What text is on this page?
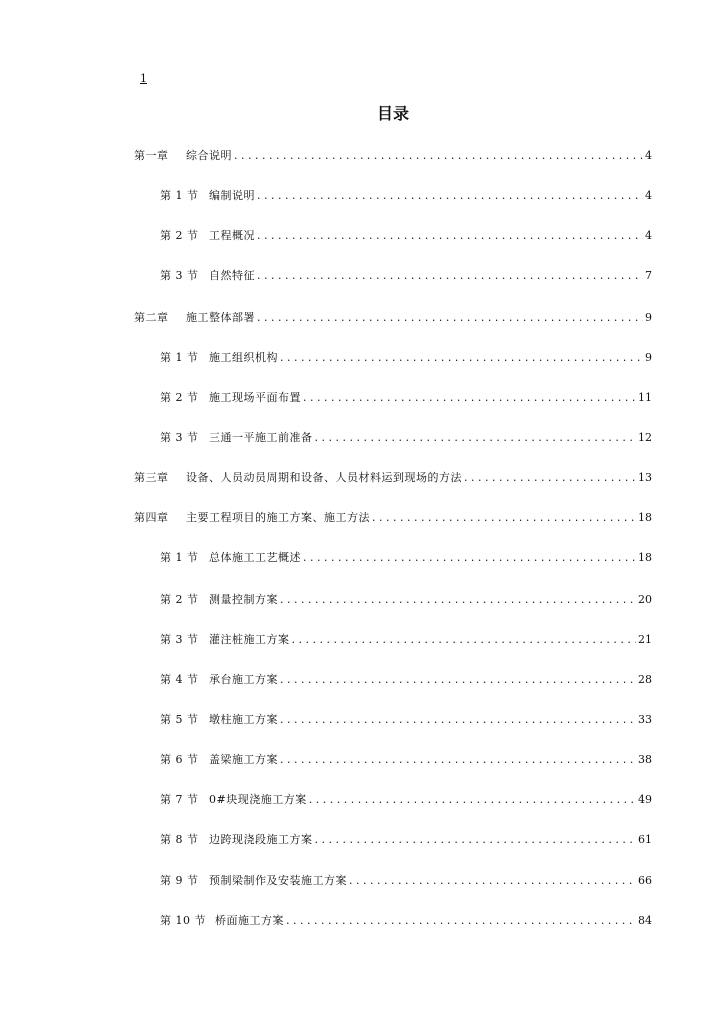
1
目录
第一章	综合说明 .....	4
第 1 节 编制说明 .....	4
第 2 节 工程概况 .....	4
第 3 节 自然特征 .....	7
第二章	施工整体部署 .....	9
第 1 节 施工组织机构 .....	9
第 2 节 施工现场平面布置 .....	11
第 3 节 三通一平施工前准备 .....	12
第三章	设备、人员动员周期和设备、人员材料运到现场的方法 .....	13
第四章	主要工程项目的施工方案、施工方法 .....	18
第 1 节 总体施工工艺概述 .....	18
第 2 节 测量控制方案 .....	20
第 3 节 灌注桩施工方案 .....	21
第 4 节 承台施工方案 .....	28
第 5 节 墩柱施工方案 .....	33
第 6 节 盖梁施工方案 .....	38
第 7 节 0#块现浇施工方案 .....	49
第 8 节 边跨现浇段施工方案 .....	61
第 9 节 预制梁制作及安装施工方案 .....	66
第 10 节 桥面施工方案 .....	84
